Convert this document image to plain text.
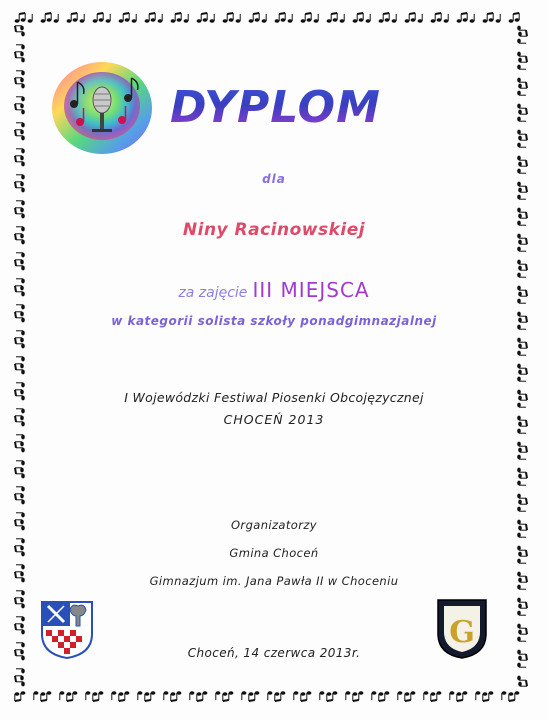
DYPLOM
dla
Niny Racinowskiej
za zajęcie III MIEJSCA
w kategorii solista szkoły ponadgimnazjalnej
I Wojewódzki Festiwal Piosenki Obcojęzycznej
CHOCEŃ 2013
Organizatorzy
Gmina Choceń
Gimnazjum im. Jana Pawła II w Choceniu
Choceń, 14 czerwca 2013r.
G
